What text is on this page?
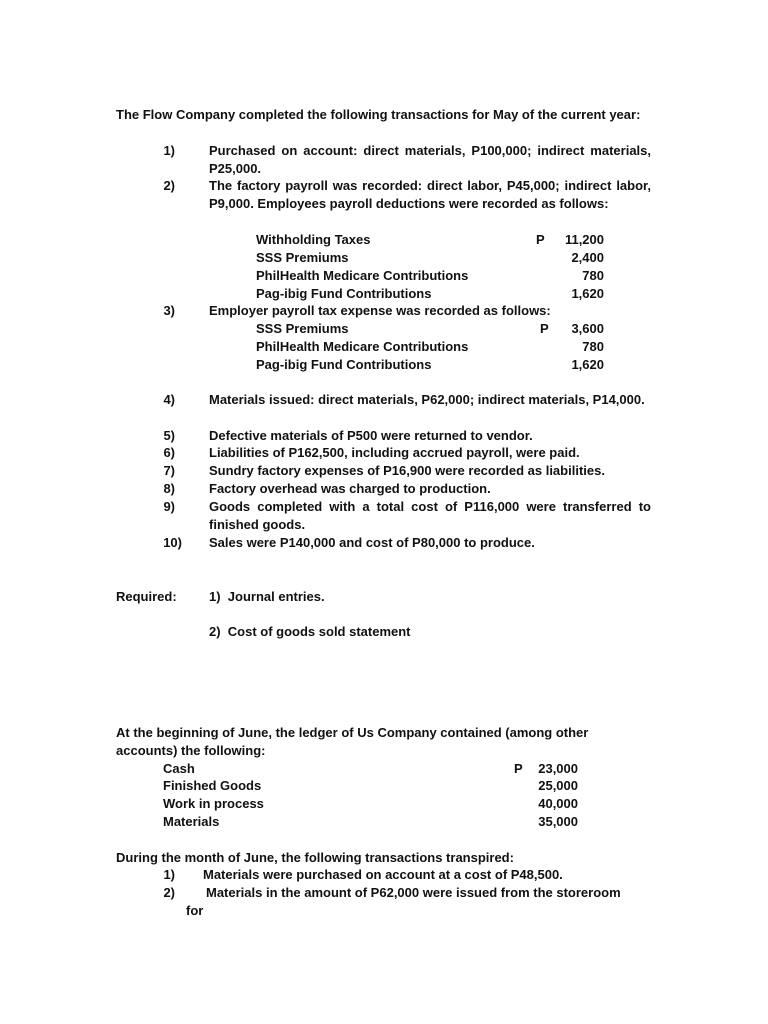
The Flow Company completed the following transactions for May of the current year:
1)	Purchased on account: direct materials, P100,000; indirect materials, P25,000.
2)	The factory payroll was recorded: direct labor, P45,000; indirect labor, P9,000. Employees payroll deductions were recorded as follows:
Withholding Taxes	P 11,200
SSS Premiums	2,400
PhilHealth Medicare Contributions	780
Pag-ibig Fund Contributions	1,620
3)	Employer payroll tax expense was recorded as follows:
SSS Premiums	P 3,600
PhilHealth Medicare Contributions	780
Pag-ibig Fund Contributions	1,620
4)	Materials issued: direct materials, P62,000; indirect materials, P14,000.
5)	Defective materials of P500 were returned to vendor.
6)	Liabilities of P162,500, including accrued payroll, were paid.
7)	Sundry factory expenses of P16,900 were recorded as liabilities.
8)	Factory overhead was charged to production.
9)	Goods completed with a total cost of P116,000 were transferred to finished goods.
10) Sales were P140,000 and cost of P80,000 to produce.
Required: 1)  Journal entries.
2)  Cost of goods sold statement
At the beginning of June, the ledger of Us Company contained (among other accounts) the following:
Cash	P 23,000
Finished Goods	25,000
Work in process	40,000
Materials	35,000
During the month of June, the following transactions transpired:
1) Materials were purchased on account at a cost of P48,500.
2) Materials in the amount of P62,000 were issued from the storeroom
for
